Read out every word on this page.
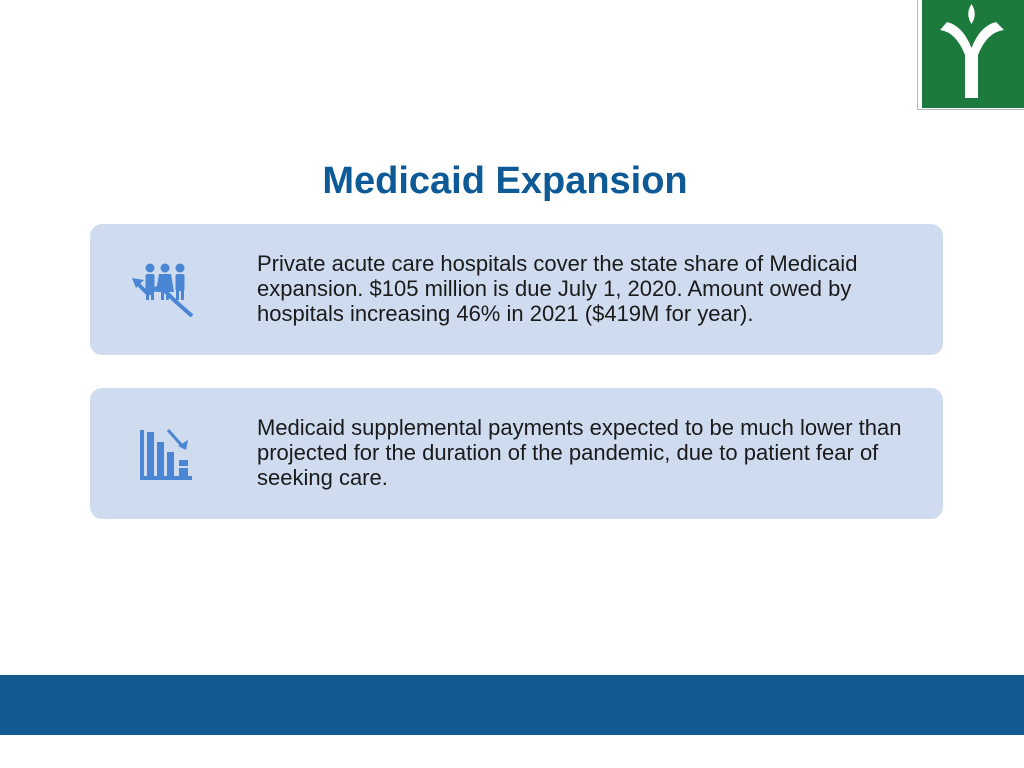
Medicaid Expansion
Private acute care hospitals cover the state share of Medicaid expansion. $105 million is due July 1, 2020. Amount owed by hospitals increasing 46% in 2021 ($419M for year).
Medicaid supplemental payments expected to be much lower than projected for the duration of the pandemic, due to patient fear of seeking care.
